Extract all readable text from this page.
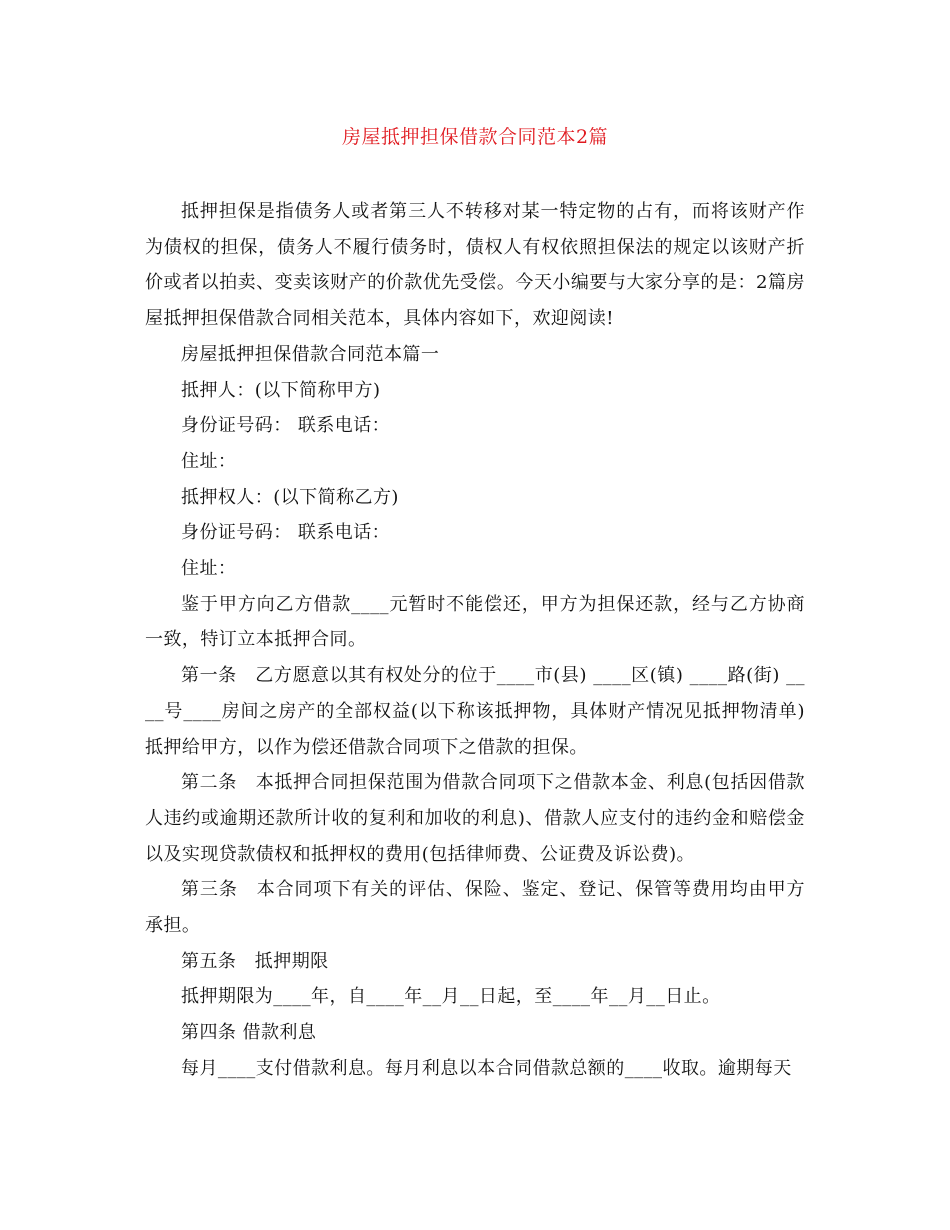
房屋抵押担保借款合同范本2篇

抵押担保是指债务人或者第三人不转移对某一特定物的占有，而将该财产作为债权的担保，债务人不履行债务时，债权人有权依照担保法的规定以该财产折价或者以拍卖、变卖该财产的价款优先受偿。今天小编要与大家分享的是：2篇房屋抵押担保借款合同相关范本，具体内容如下，欢迎阅读!

房屋抵押担保借款合同范本篇一

抵押人：(以下简称甲方)

身份证号码： 联系电话：

住址：

抵押权人：(以下简称乙方)

身份证号码： 联系电话：

住址：

鉴于甲方向乙方借款____元暂时不能偿还，甲方为担保还款，经与乙方协商一致，特订立本抵押合同。

第一条　乙方愿意以其有权处分的位于____市(县) ____区(镇) ____路(街) ____号____房间之房产的全部权益(以下称该抵押物，具体财产情况见抵押物清单)抵押给甲方，以作为偿还借款合同项下之借款的担保。

第二条　本抵押合同担保范围为借款合同项下之借款本金、利息(包括因借款人违约或逾期还款所计收的复利和加收的利息)、借款人应支付的违约金和赔偿金以及实现贷款债权和抵押权的费用(包括律师费、公证费及诉讼费)。

第三条　本合同项下有关的评估、保险、鉴定、登记、保管等费用均由甲方承担。

第五条　抵押期限

抵押期限为____年，自____年__月__日起，至____年__月__日止。

第四条 借款利息

每月____支付借款利息。每月利息以本合同借款总额的____收取。逾期每天
